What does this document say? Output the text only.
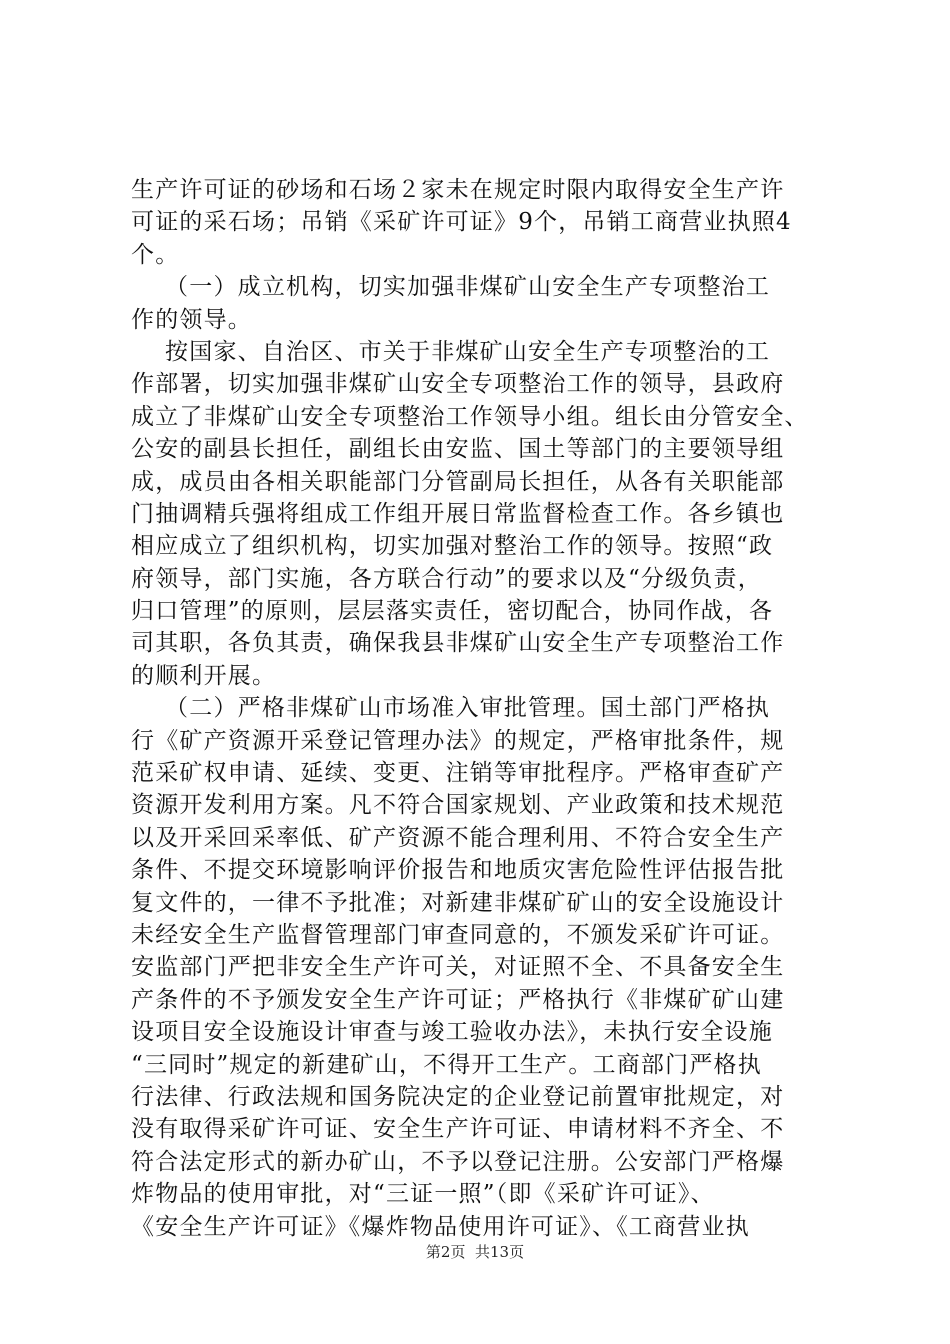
生产许可证的砂场和石场２家未在规定时限内取得安全生产许
可证的采石场；吊销《采矿许可证》9个，吊销工商营业执照4
个。
（一）成立机构，切实加强非煤矿山安全生产专项整治工
作的领导。
按国家、自治区、市关于非煤矿山安全生产专项整治的工
作部署，切实加强非煤矿山安全专项整治工作的领导，县政府
成立了非煤矿山安全专项整治工作领导小组。组长由分管安全、
公安的副县长担任，副组长由安监、国土等部门的主要领导组
成，成员由各相关职能部门分管副局长担任，从各有关职能部
门抽调精兵强将组成工作组开展日常监督检查工作。各乡镇也
相应成立了组织机构，切实加强对整治工作的领导。按照“政
府领导，部门实施，各方联合行动”的要求以及“分级负责，
归口管理”的原则，层层落实责任，密切配合，协同作战，各
司其职，各负其责，确保我县非煤矿山安全生产专项整治工作
的顺利开展。
（二）严格非煤矿山市场准入审批管理。国土部门严格执
行《矿产资源开采登记管理办法》的规定，严格审批条件，规
范采矿权申请、延续、变更、注销等审批程序。严格审查矿产
资源开发利用方案。凡不符合国家规划、产业政策和技术规范
以及开采回采率低、矿产资源不能合理利用、不符合安全生产
条件、不提交环境影响评价报告和地质灾害危险性评估报告批
复文件的，一律不予批准；对新建非煤矿矿山的安全设施设计
未经安全生产监督管理部门审查同意的，不颁发采矿许可证。
安监部门严把非安全生产许可关，对证照不全、不具备安全生
产条件的不予颁发安全生产许可证；严格执行《非煤矿矿山建
设项目安全设施设计审查与竣工验收办法》，未执行安全设施
“三同时”规定的新建矿山，不得开工生产。工商部门严格执
行法律、行政法规和国务院决定的企业登记前置审批规定，对
没有取得采矿许可证、安全生产许可证、申请材料不齐全、不
符合法定形式的新办矿山，不予以登记注册。公安部门严格爆
炸物品的使用审批，对“三证一照”（即《采矿许可证》、
《安全生产许可证》《爆炸物品使用许可证》、《工商营业执
第2页  共13页
